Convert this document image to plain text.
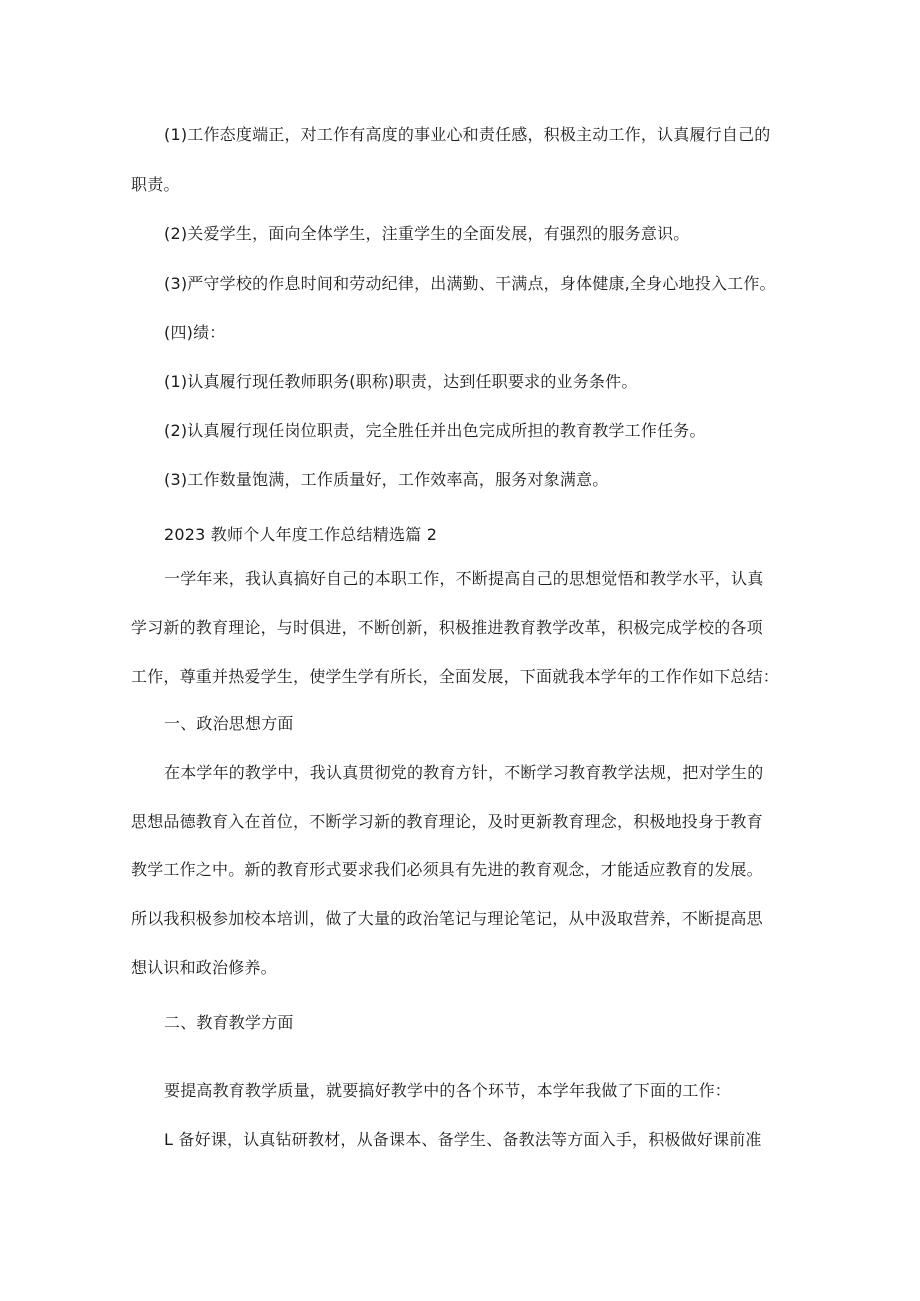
(1)工作态度端正，对工作有高度的事业心和责任感，积极主动工作，认真履行自己的
职责。
(2)关爱学生，面向全体学生，注重学生的全面发展，有强烈的服务意识。
(3)严守学校的作息时间和劳动纪律，出满勤、干满点，身体健康,全身心地投入工作。
(四)绩：
(1)认真履行现任教师职务(职称)职责，达到任职要求的业务条件。
(2)认真履行现任岗位职责，完全胜任并出色完成所担的教育教学工作任务。
(3)工作数量饱满，工作质量好，工作效率高，服务对象满意。
2023 教师个人年度工作总结精选篇 2
一学年来，我认真搞好自己的本职工作，不断提高自己的思想觉悟和教学水平，认真
学习新的教育理论，与时俱进，不断创新，积极推进教育教学改革，积极完成学校的各项
工作，尊重并热爱学生，使学生学有所长，全面发展，下面就我本学年的工作作如下总结：
一、政治思想方面
在本学年的教学中，我认真贯彻党的教育方针，不断学习教育教学法规，把对学生的
思想品德教育入在首位，不断学习新的教育理论，及时更新教育理念，积极地投身于教育
教学工作之中。新的教育形式要求我们必须具有先进的教育观念，才能适应教育的发展。
所以我积极参加校本培训，做了大量的政治笔记与理论笔记，从中汲取营养，不断提高思
想认识和政治修养。
二、教育教学方面
要提高教育教学质量，就要搞好教学中的各个环节，本学年我做了下面的工作：
L 备好课，认真钻研教材，从备课本、备学生、备教法等方面入手，积极做好课前准
